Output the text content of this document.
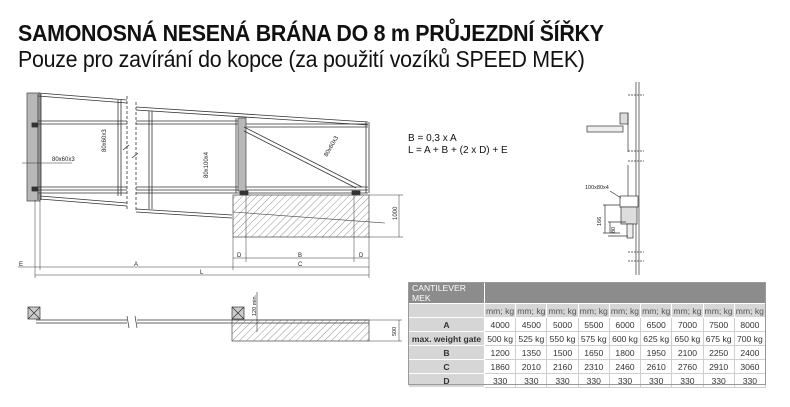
SAMONOSNÁ NESENÁ BRÁNA DO 8 m PRŮJEZDNÍ ŠÍŘKY
Pouze pro zavírání do kopce (za použití vozíků SPEED MEK)
80x60x3
80x60x3
80x100x4
80x60x3
1000
E	A
D	B	D
C
L
120 min.
500
100x80x4
166
80
B = 0,3 x A
L = A + B + (2 x D) + E
CANTILEVER MEK									
	mm; kg	mm; kg	mm; kg	mm; kg	mm; kg	mm; kg	mm; kg	mm; kg	mm; kg
A	4000	4500	5000	5500	6000	6500	7000	7500	8000
max. weight gate	500 kg	525 kg	550 kg	575 kg	600 kg	625 kg	650 kg	675 kg	700 kg
B	1200	1350	1500	1650	1800	1950	2100	2250	2400
C	1860	2010	2160	2310	2460	2610	2760	2910	3060
D	330	330	330	330	330	330	330	330	330
